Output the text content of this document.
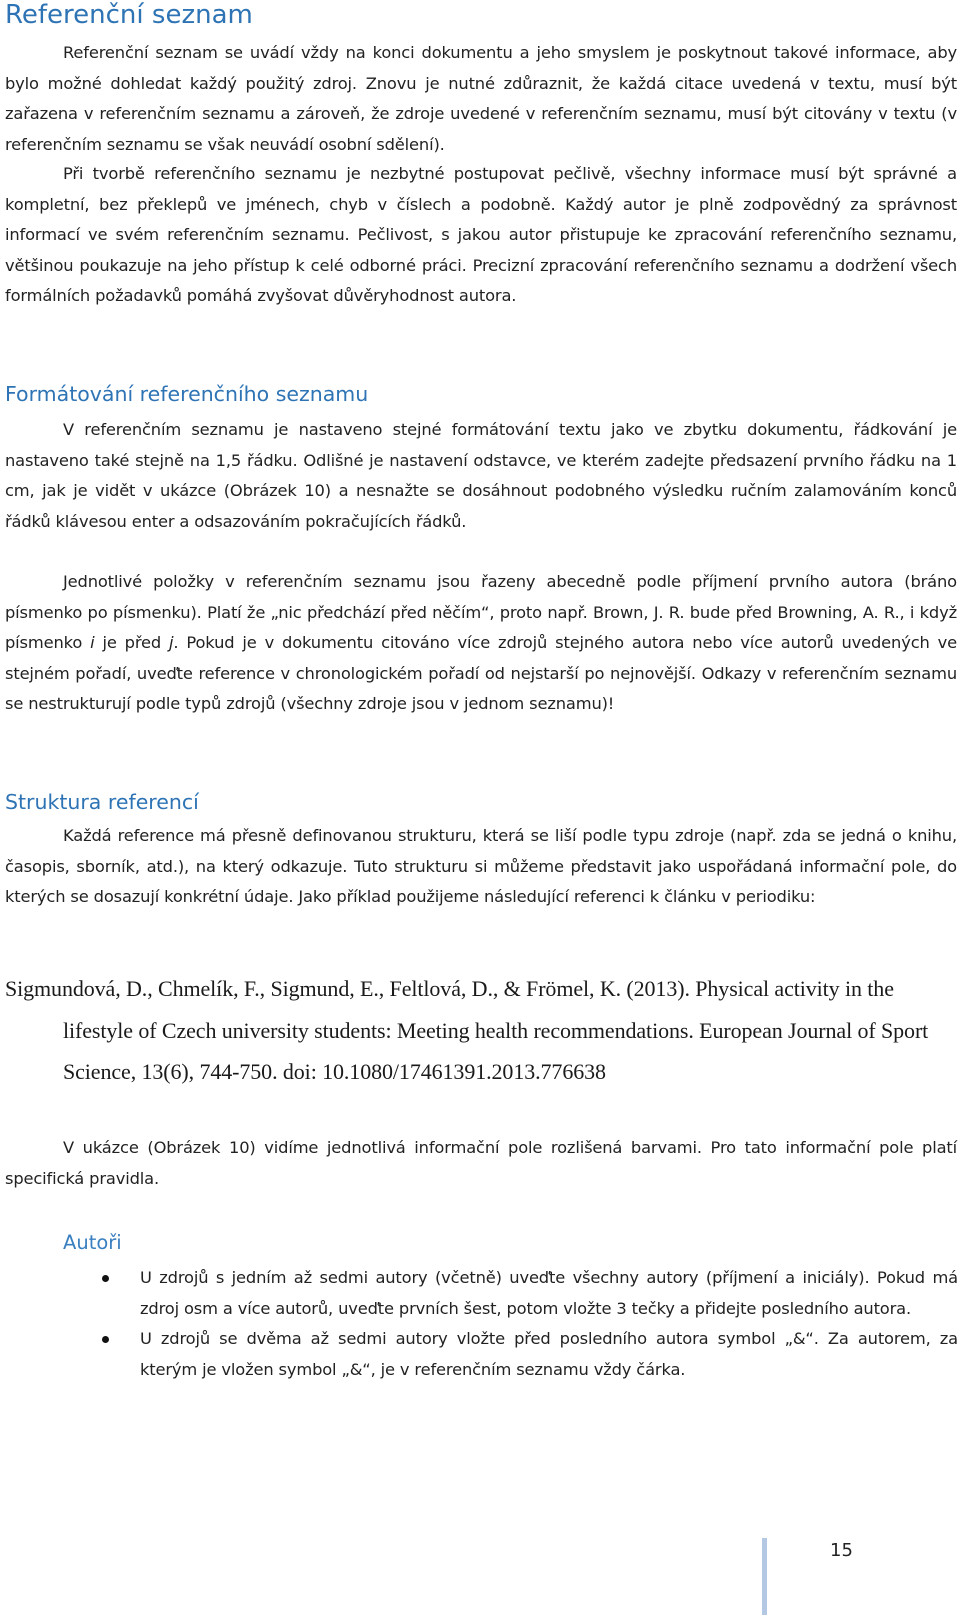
Referenční seznam

Referenční seznam se uvádí vždy na konci dokumentu a jeho smyslem je poskytnout takové informace, aby bylo možné dohledat každý použitý zdroj. Znovu je nutné zdůraznit, že každá citace uvedená v textu, musí být zařazena v referenčním seznamu a zároveň, že zdroje uvedené v referenčním seznamu, musí být citovány v textu (v referenčním seznamu se však neuvádí osobní sdělení).

Při tvorbě referenčního seznamu je nezbytné postupovat pečlivě, všechny informace musí být správné a kompletní, bez překlepů ve jménech, chyb v číslech a podobně. Každý autor je plně zodpovědný za správnost informací ve svém referenčním seznamu. Pečlivost, s jakou autor přistupuje ke zpracování referenčního seznamu, většinou poukazuje na jeho přístup k celé odborné práci. Precizní zpracování referenčního seznamu a dodržení všech formálních požadavků pomáhá zvyšovat důvěryhodnost autora.

Formátování referenčního seznamu

V referenčním seznamu je nastaveno stejné formátování textu jako ve zbytku dokumentu, řádkování je nastaveno také stejně na 1,5 řádku. Odlišné je nastavení odstavce, ve kterém zadejte předsazení prvního řádku na 1 cm, jak je vidět v ukázce (Obrázek 10) a nesnažte se dosáhnout podobného výsledku ručním zalamováním konců řádků klávesou enter a odsazováním pokračujících řádků.

Jednotlivé položky v referenčním seznamu jsou řazeny abecedně podle příjmení prvního autora (bráno písmenko po písmenku). Platí že „nic předchází před něčím“, proto např. Brown, J. R. bude před Browning, A. R., i když písmenko i je před j. Pokud je v dokumentu citováno více zdrojů stejného autora nebo více autorů uvedených ve stejném pořadí, uveďte reference v chronologickém pořadí od nejstarší po nejnovější. Odkazy v referenčním seznamu se nestrukturují podle typů zdrojů (všechny zdroje jsou v jednom seznamu)!

Struktura referencí

Každá reference má přesně definovanou strukturu, která se liší podle typu zdroje (např. zda se jedná o knihu, časopis, sborník, atd.), na který odkazuje. Tuto strukturu si můžeme představit jako uspořádaná informační pole, do kterých se dosazují konkrétní údaje. Jako příklad použijeme následující referenci k článku v periodiku:

Sigmundová, D., Chmelík, F., Sigmund, E., Feltlová, D., & Frömel, K. (2013). Physical activity in the lifestyle of Czech university students: Meeting health recommendations. European Journal of Sport Science, 13(6), 744-750. doi: 10.1080/17461391.2013.776638

V ukázce (Obrázek 10) vidíme jednotlivá informační pole rozlišená barvami. Pro tato informační pole platí specifická pravidla.

Autoři
U zdrojů s jedním až sedmi autory (včetně) uveďte všechny autory (příjmení a iniciály). Pokud má zdroj osm a více autorů, uveďte prvních šest, potom vložte 3 tečky a přidejte posledního autora.
U zdrojů se dvěma až sedmi autory vložte před posledního autora symbol „&“. Za autorem, za kterým je vložen symbol „&“, je v referenčním seznamu vždy čárka.
15
